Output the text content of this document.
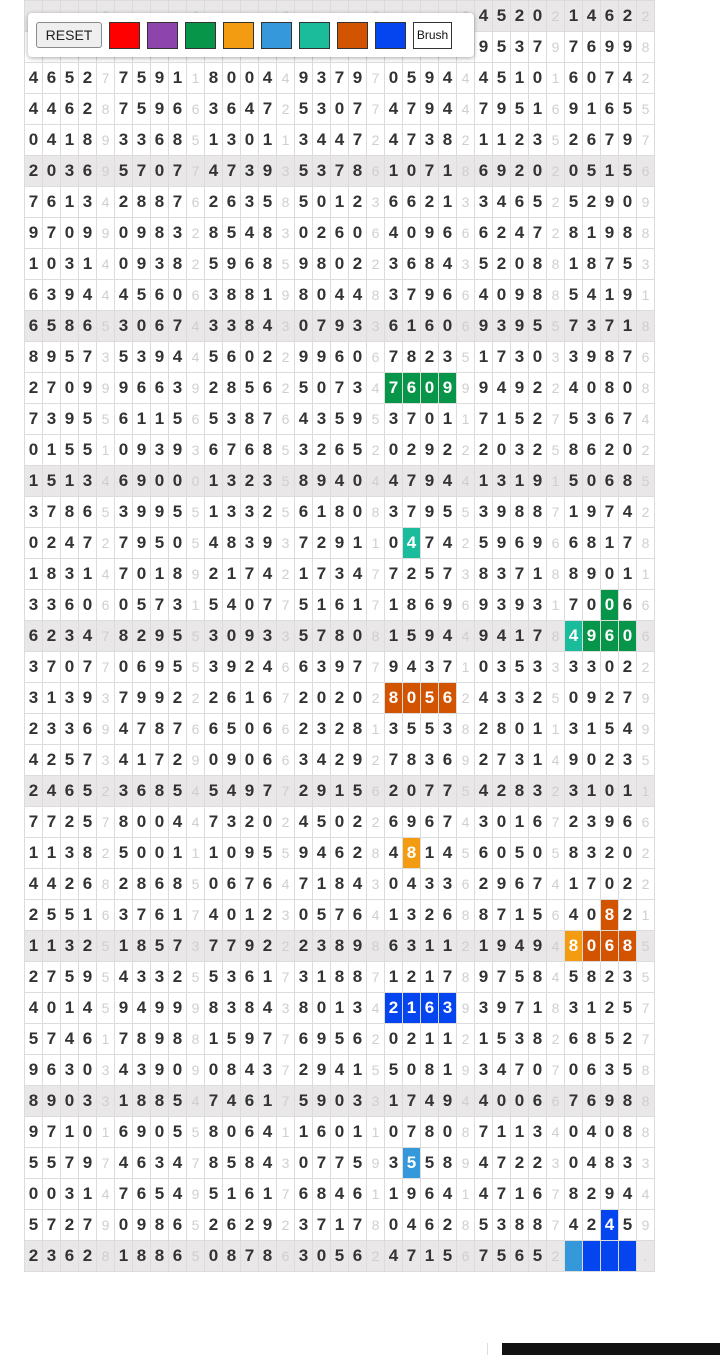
																									4	5	2	0	2	1	4	6	2	2
																									9	5	3	7	9	7	6	9	9	8
4	6	5	2	7	7	5	9	1	1	8	0	0	4	4	9	3	7	9	7	0	5	9	4	4	4	5	1	0	1	6	0	7	4	2
4	4	6	2	8	7	5	9	6	6	3	6	4	7	2	5	3	0	7	7	4	7	9	4	4	7	9	5	1	6	9	1	6	5	5
0	4	1	8	9	3	3	6	8	5	1	3	0	1	1	3	4	4	7	2	4	7	3	8	2	1	1	2	3	5	2	6	7	9	7
2	0	3	6	9	5	7	0	7	7	4	7	3	9	3	5	3	7	8	6	1	0	7	1	8	6	9	2	0	2	0	5	1	5	6
7	6	1	3	4	2	8	8	7	6	2	6	3	5	8	5	0	1	2	3	6	6	2	1	3	3	4	6	5	2	5	2	9	0	9
9	7	0	9	9	0	9	8	3	2	8	5	4	8	3	0	2	6	0	6	4	0	9	6	6	6	2	4	7	2	8	1	9	8	8
1	0	3	1	4	0	9	3	8	2	5	9	6	8	5	9	8	0	2	2	3	6	8	4	3	5	2	0	8	8	1	8	7	5	3
6	3	9	4	4	4	5	6	0	6	3	8	8	1	9	8	0	4	4	8	3	7	9	6	6	4	0	9	8	8	5	4	1	9	1
6	5	8	6	5	3	0	6	7	4	3	3	8	4	3	0	7	9	3	3	6	1	6	0	6	9	3	9	5	5	7	3	7	1	8
8	9	5	7	3	5	3	9	4	4	5	6	0	2	2	9	9	6	0	6	7	8	2	3	5	1	7	3	0	3	3	9	8	7	6
2	7	0	9	9	9	6	6	3	9	2	8	5	6	2	5	0	7	3	4	7	6	0	9	9	9	4	9	2	2	4	0	8	0	8
7	3	9	5	5	6	1	1	5	6	5	3	8	7	6	4	3	5	9	5	3	7	0	1	1	7	1	5	2	7	5	3	6	7	4
0	1	5	5	1	0	9	3	9	3	6	7	6	8	5	3	2	6	5	2	0	2	9	2	2	2	0	3	2	5	8	6	2	0	2
1	5	1	3	4	6	9	0	0	0	1	3	2	3	5	8	9	4	0	4	4	7	9	4	4	1	3	1	9	1	5	0	6	8	5
3	7	8	6	5	3	9	9	5	5	1	3	3	2	5	6	1	8	0	8	3	7	9	5	5	3	9	8	8	7	1	9	7	4	2
0	2	4	7	2	7	9	5	0	5	4	8	3	9	3	7	2	9	1	1	0	4	7	4	2	5	9	6	9	6	6	8	1	7	8
1	8	3	1	4	7	0	1	8	9	2	1	7	4	2	1	7	3	4	7	7	2	5	7	3	8	3	7	1	8	8	9	0	1	1
3	3	6	0	6	0	5	7	3	1	5	4	0	7	7	5	1	6	1	7	1	8	6	9	6	9	3	9	3	1	7	0	0	6	6
6	2	3	4	7	8	2	9	5	5	3	0	9	3	3	5	7	8	0	8	1	5	9	4	4	9	4	1	7	8	4	9	6	0	6
3	7	0	7	7	0	6	9	5	5	3	9	2	4	6	6	3	9	7	7	9	4	3	7	1	0	3	5	3	3	3	3	0	2	2
3	1	3	9	3	7	9	9	2	2	2	6	1	6	7	2	0	2	0	2	8	0	5	6	2	4	3	3	2	5	0	9	2	7	9
2	3	3	6	9	4	7	8	7	6	6	5	0	6	6	2	3	2	8	1	3	5	5	3	8	2	8	0	1	1	3	1	5	4	9
4	2	5	7	3	4	1	7	2	9	0	9	0	6	6	3	4	2	9	2	7	8	3	6	9	2	7	3	1	4	9	0	2	3	5
2	4	6	5	2	3	6	8	5	4	5	4	9	7	7	2	9	1	5	6	2	0	7	7	5	4	2	8	3	2	3	1	0	1	1
7	7	2	5	7	8	0	0	4	4	7	3	2	0	2	4	5	0	2	2	6	9	6	7	4	3	0	1	6	7	2	3	9	6	6
1	1	3	8	2	5	0	0	1	1	1	0	9	5	5	9	4	6	2	8	4	8	1	4	5	6	0	5	0	5	8	3	2	0	2
4	4	2	6	8	2	8	6	8	5	0	6	7	6	4	7	1	8	4	3	0	4	3	3	6	2	9	6	7	4	1	7	0	2	2
2	5	5	1	6	3	7	6	1	7	4	0	1	2	3	0	5	7	6	4	1	3	2	6	8	8	7	1	5	6	4	0	8	2	1
1	1	3	2	5	1	8	5	7	3	7	7	9	2	2	2	3	8	9	8	6	3	1	1	2	1	9	4	9	4	8	0	6	8	5
2	7	5	9	5	4	3	3	2	5	5	3	6	1	7	3	1	8	8	7	1	2	1	7	8	9	7	5	8	4	5	8	2	3	5
4	0	1	4	5	9	4	9	9	9	8	3	8	4	3	8	0	1	3	4	2	1	6	3	9	3	9	7	1	8	3	1	2	5	7
5	7	4	6	1	7	8	9	8	8	1	5	9	7	7	6	9	5	6	2	0	2	1	1	2	1	5	3	8	2	6	8	5	2	7
9	6	3	0	3	4	3	9	0	9	0	8	4	3	7	2	9	4	1	5	5	0	8	1	9	3	4	7	0	7	0	6	3	5	8
8	9	0	3	3	1	8	8	5	4	7	4	6	1	7	5	9	0	3	3	1	7	4	9	4	4	0	0	6	6	7	6	9	8	8
9	7	1	0	1	6	9	0	5	5	8	0	6	4	1	1	6	0	1	1	0	7	8	0	8	7	1	1	3	4	0	4	0	8	8
5	5	7	9	7	4	6	3	4	7	8	5	8	4	3	0	7	7	5	9	3	5	5	8	9	4	7	2	2	3	0	4	8	3	3
0	0	3	1	4	7	6	5	4	9	5	1	6	1	7	6	8	4	6	1	1	9	6	4	1	4	7	1	6	7	8	2	9	4	4
5	7	2	7	9	0	9	8	6	5	2	6	2	9	2	3	7	1	7	8	0	4	6	2	8	5	3	8	8	7	4	2	4	5	9
2	3	6	2	8	1	8	8	6	5	0	8	7	8	6	3	0	5	6	2	4	7	1	5	6	7	5	6	5	2					.
RESET	Brush
